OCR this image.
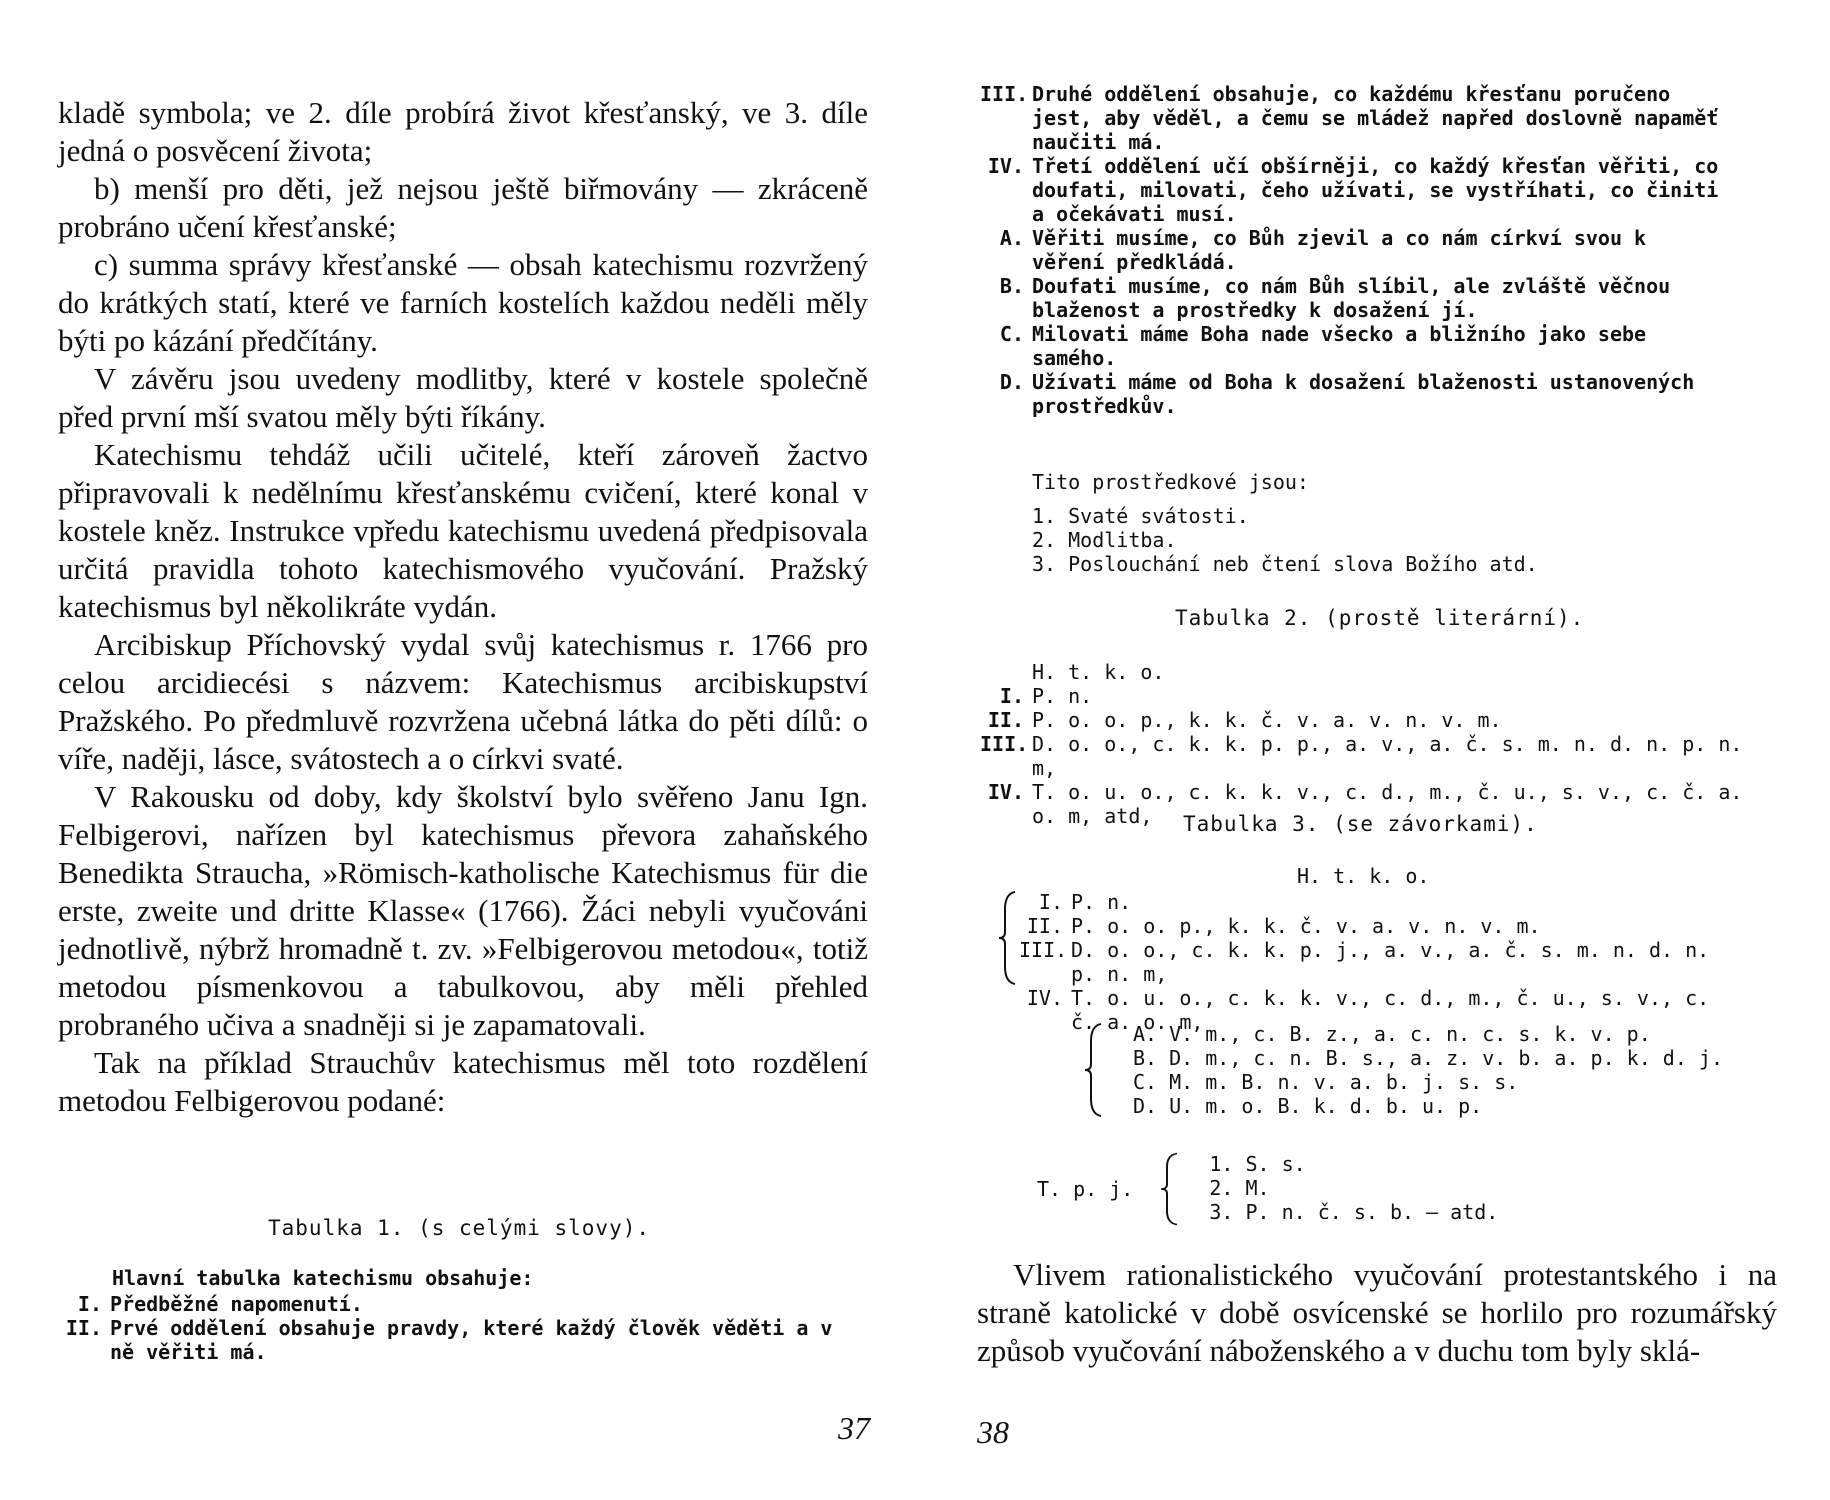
kladě symbola; ve 2. díle probírá život křesťanský, ve 3. díle jedná o posvěcení života;

b) menší pro děti, jež nejsou ještě biřmovány — zkráceně probráno učení křesťanské;

c) summa správy křesťanské — obsah katechismu rozvržený do krátkých statí, které ve farních kostelích každou neděli měly býti po kázání předčítány.

V závěru jsou uvedeny modlitby, které v kostele společně před první mší svatou měly býti říkány.

Katechismu tehdáž učili učitelé, kteří zároveň žactvo připravovali k nedělnímu křesťanskému cvičení, které konal v kostele kněz. Instrukce vpředu katechismu uvedená předpisovala určitá pravidla tohoto katechismového vyučování. Pražský katechismus byl několikráte vydán.

Arcibiskup Příchovský vydal svůj katechismus r. 1766 pro celou arcidiecési s názvem: Katechismus arcibiskupství Pražského. Po předmluvě rozvržena učebná látka do pěti dílů: o víře, naději, lásce, svátostech a o církvi svaté.

V Rakousku od doby, kdy školství bylo svěřeno Janu Ign. Felbigerovi, nařízen byl katechismus převora zahaňského Benedikta Straucha, »Römisch-katholische Katechismus für die erste, zweite und dritte Klasse« (1766). Žáci nebyli vyučováni jednotlivě, nýbrž hromadně t. zv. »Felbigerovou metodou«, totiž metodou písmenkovou a tabulkovou, aby měli přehled probraného učiva a snadněji si je zapamatovali.

Tak na příklad Strauchův katechismus měl toto rozdělení metodou Felbigerovou podané:

Tabulka 1. (s celými slovy).
Hlavní tabulka katechismu obsahuje:
I. Předběžné napomenutí.
II. Prvé oddělení obsahuje pravdy, které každý člověk věděti a v ně věřiti má.
37
III. Druhé oddělení obsahuje, co každému křesťanu poručeno jest, aby věděl, a čemu se mládež napřed doslovně napaměť naučiti má.
IV. Třetí oddělení učí obšírněji, co každý křesťan věřiti, co doufati, milovati, čeho užívati, se vystříhati, co činiti a očekávati musí.
A. Věřiti musíme, co Bůh zjevil a co nám církví svou k věření předkládá.
B. Doufati musíme, co nám Bůh slíbil, ale zvláště věčnou blaženost a prostředky k dosažení jí.
C. Milovati máme Boha nade všecko a bližního jako sebe samého.
D. Užívati máme od Boha k dosažení blaženosti ustanovených prostředkův.
Tito prostředkové jsou:
1. Svaté svátosti.
2. Modlitba.
3. Poslouchání neb čtení slova Božího atd.
Tabulka 2. (prostě literární).
H. t. k. o.
I. P. n.
II. P. o. o. p., k. k. č. v. a. v. n. v. m.
III. D. o. o., c. k. k. p. p., a. v., a. č. s. m. n. d. n. p. n. m,
IV. T. o. u. o., c. k. k. v., c. d., m., č. u., s. v., c. č. a. o. m, atd,	Tabulka 3. (se závorkami).
H. t. k. o.
I. P. n.
II. P. o. o. p., k. k. č. v. a. v. n. v. m.
III. D. o. o., c. k. k. p. j., a. v., a. č. s. m. n. d. n. p. n. m,
IV. T. o. u. o., c. k. k. v., c. d., m., č. u., s. v., c. č. a. o. m,
A. V. m., c. B. z., a. c. n. c. s. k. v. p.
B. D. m., c. n. B. s., a. z. v. b. a. p. k. d. j.
C. M. m. B. n. v. a. b. j. s. s.
D. U. m. o. B. k. d. b. u. p.
T. p. j.
1. S. s.
2. M.
3. P. n. č. s. b. — atd.

Vlivem rationalistického vyučování protestantského i na straně katolické v době osvícenské se horlilo pro rozumářský způsob vyučování náboženského a v duchu tom byly sklá-

38
